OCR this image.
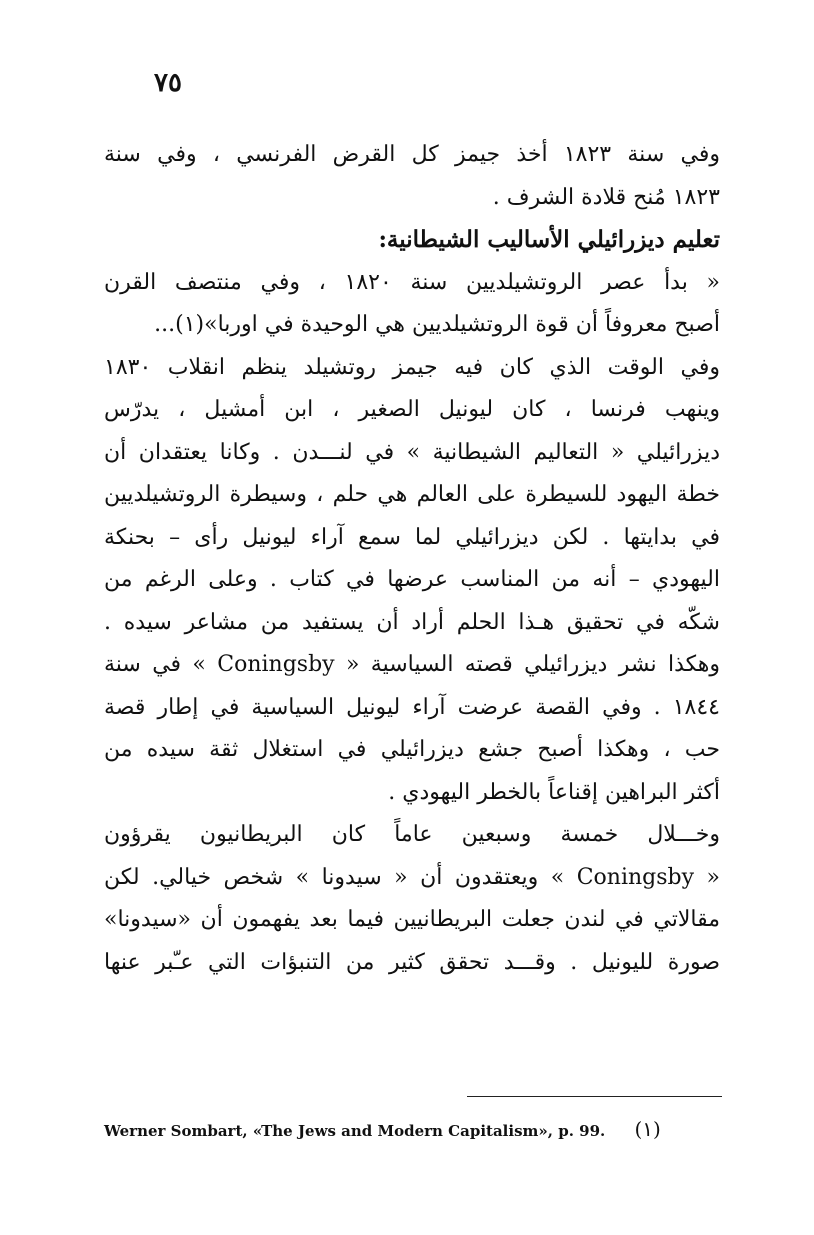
٧٥
وفي سنة ١٨٢٣ أخذ جيمز كل القرض الفرنسي ، وفي سنة
١٨٢٣ مُنح قلادة الشرف .
تعليم ديزرائيلي الأساليب الشيطانية:
« بدأ عصر الروتشيلديين سنة ١٨٢٠ ، وفي منتصف القرن
أصبح معروفاً أن قوة الروتشيلديين هي الوحيدة في اوربا»(١)...
وفي الوقت الذي كان فيه جيمز روتشيلد ينظم انقلاب ١٨٣٠
وينهب فرنسا ، كان ليونيل الصغير ، ابن أمشيل ، يدرّس
ديزرائيلي « التعاليم الشيطانية » في لنـــدن . وكانا يعتقدان أن
خطة اليهود للسيطرة على العالم هي حلم ، وسيطرة الروتشيلديين
في بدايتها . لكن ديزرائيلي لما سمع آراء ليونيل رأى – بحنكة
اليهودي – أنه من المناسب عرضها في كتاب . وعلى الرغم من
شكّه في تحقيق هـذا الحلم أراد أن يستفيد من مشاعر سيده .
وهكذا نشر ديزرائيلي قصته السياسية « Coningsby » في سنة
١٨٤٤ . وفي القصة عرضت آراء ليونيل السياسية في إطار قصة
حب ، وهكذا أصبح جشع ديزرائيلي في استغلال ثقة سيده من
أكثر البراهين إقناعاً بالخطر اليهودي .
وخـــلال خمسة وسبعين عاماً كان البريطانيون يقرؤون
« Coningsby » ويعتقدون أن « سيدونا » شخص خيالي. لكن
مقالاتي في لندن جعلت البريطانيين فيما بعد يفهمون أن «سيدونا»
صورة لليونيل . وقـــد تحقق كثير من التنبؤات التي عـّبر عنها
Werner Sombart, «The Jews and Modern Capitalism», p. 99. (١)
